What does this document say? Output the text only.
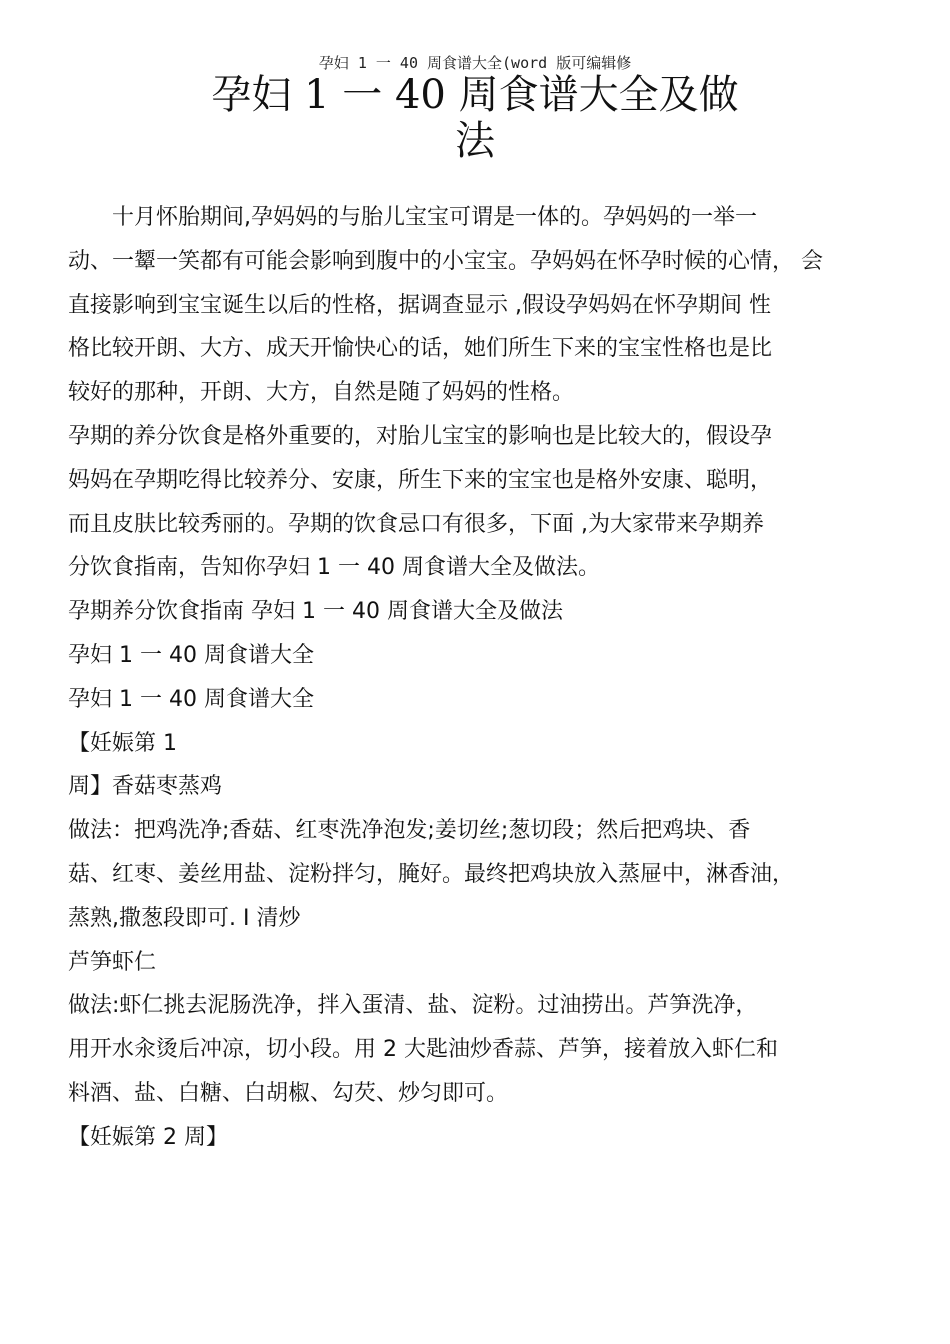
孕妇 1 一 40 周食谱大全(word 版可编辑修
孕妇 1 一 40 周食谱大全及做
法

十月怀胎期间,孕妈妈的与胎儿宝宝可谓是一体的。孕妈妈的一举一

动、一颦一笑都有可能会影响到腹中的小宝宝。孕妈妈在怀孕时候的心情， 会

直接影响到宝宝诞生以后的性格，据调查显示 ,假设孕妈妈在怀孕期间 性

格比较开朗、大方、成天开愉快心的话，她们所生下来的宝宝性格也是比

较好的那种，开朗、大方，自然是随了妈妈的性格。

孕期的养分饮食是格外重要的，对胎儿宝宝的影响也是比较大的，假设孕

妈妈在孕期吃得比较养分、安康，所生下来的宝宝也是格外安康、聪明，

而且皮肤比较秀丽的。孕期的饮食忌口有很多，下面 ,为大家带来孕期养

分饮食指南，告知你孕妇 1 一 40 周食谱大全及做法。

孕期养分饮食指南 孕妇 1 一 40 周食谱大全及做法

孕妇 1 一 40 周食谱大全

孕妇 1 一 40 周食谱大全

【妊娠第 1

周】香菇枣蒸鸡

做法：把鸡洗净;香菇、红枣洗净泡发;姜切丝;葱切段；然后把鸡块、香

菇、红枣、姜丝用盐、淀粉拌匀，腌好。最终把鸡块放入蒸屉中，淋香油，

蒸熟,撒葱段即可. I 清炒

芦笋虾仁

做法:虾仁挑去泥肠洗净，拌入蛋清、盐、淀粉。过油捞出。芦笋洗净，

用开水汆烫后冲凉，切小段。用 2 大匙油炒香蒜、芦笋，接着放入虾仁和

料酒、盐、白糖、白胡椒、勾芡、炒匀即可。

【妊娠第 2 周】
